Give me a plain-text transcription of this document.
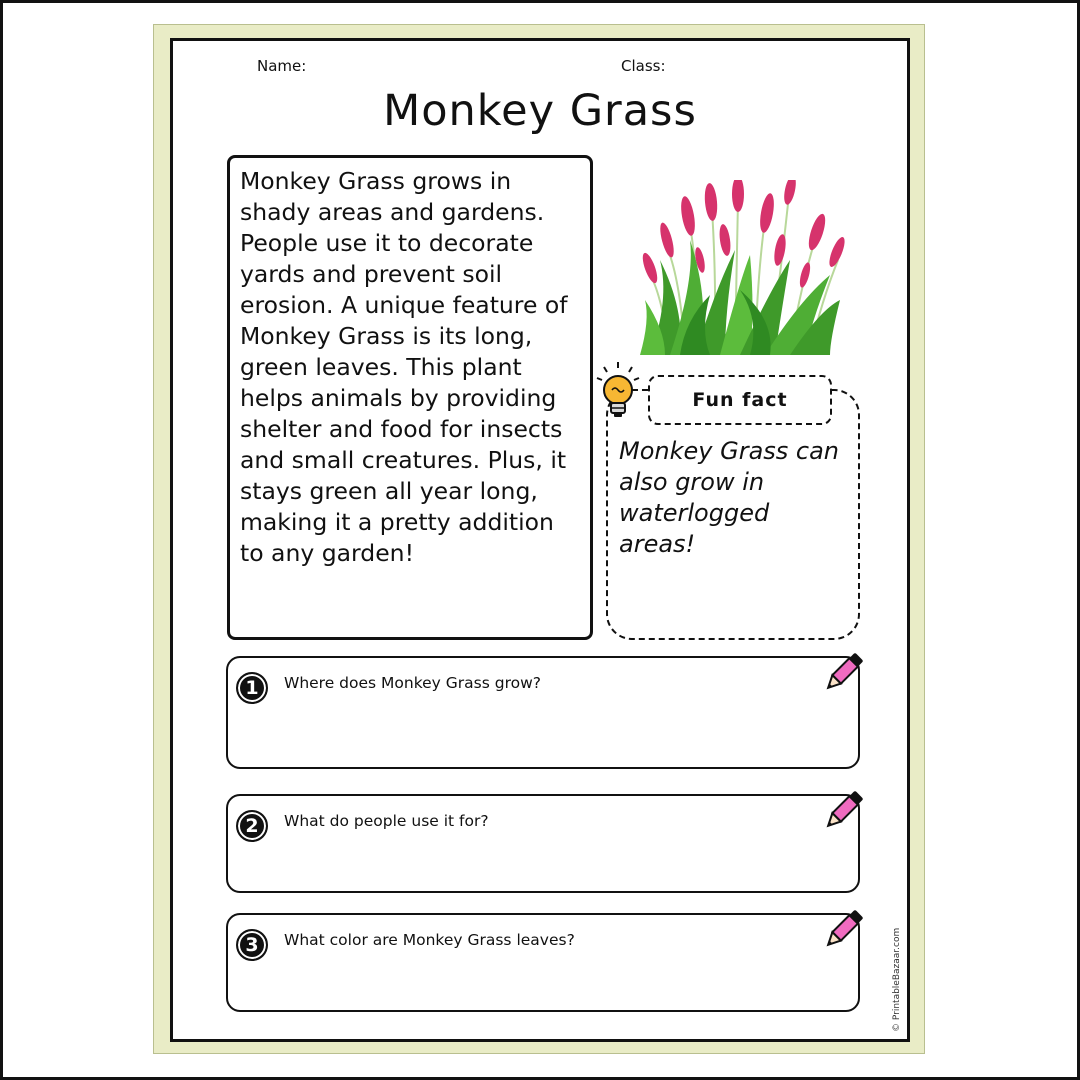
Name:	Class:
Monkey Grass
Monkey Grass grows in shady areas and gardens. People use it to decorate yards and prevent soil erosion. A unique feature of Monkey Grass is its long, green leaves. This plant helps animals by providing shelter and food for insects and small creatures. Plus, it stays green all year long, making it a pretty addition to any garden!
Fun fact
Monkey Grass can also grow in waterlogged areas!
1	Where does Monkey Grass grow?
2	What do people use it for?
3	What color are Monkey Grass leaves?	© PrintableBazaar.com
